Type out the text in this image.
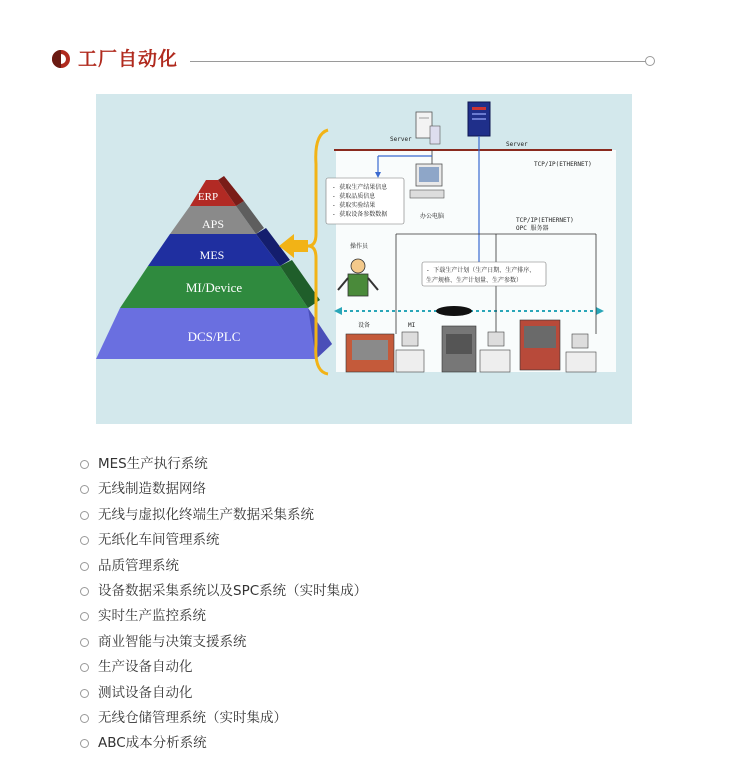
工厂自动化
ERP
APS
MES
MI/Device
DCS/PLC
Server
Server
TCP/IP(ETHERNET)
办公电脑
- 获取生产结果信息
- 获取品质信息
- 获取实验结果
- 获取设备参数数据
TCP/IP(ETHERNET)
OPC 服务器
操作员
- 下载生产计划（生产日期、生产排序、
生产规格、生产计划量、生产参数）
设备	MI
MES生产执行系统
无线制造数据网络
无线与虚拟化终端生产数据采集系统
无纸化车间管理系统
品质管理系统
设备数据采集系统以及SPC系统（实时集成）
实时生产监控系统
商业智能与决策支援系统
生产设备自动化
测试设备自动化
无线仓储管理系统（实时集成）
ABC成本分析系统
